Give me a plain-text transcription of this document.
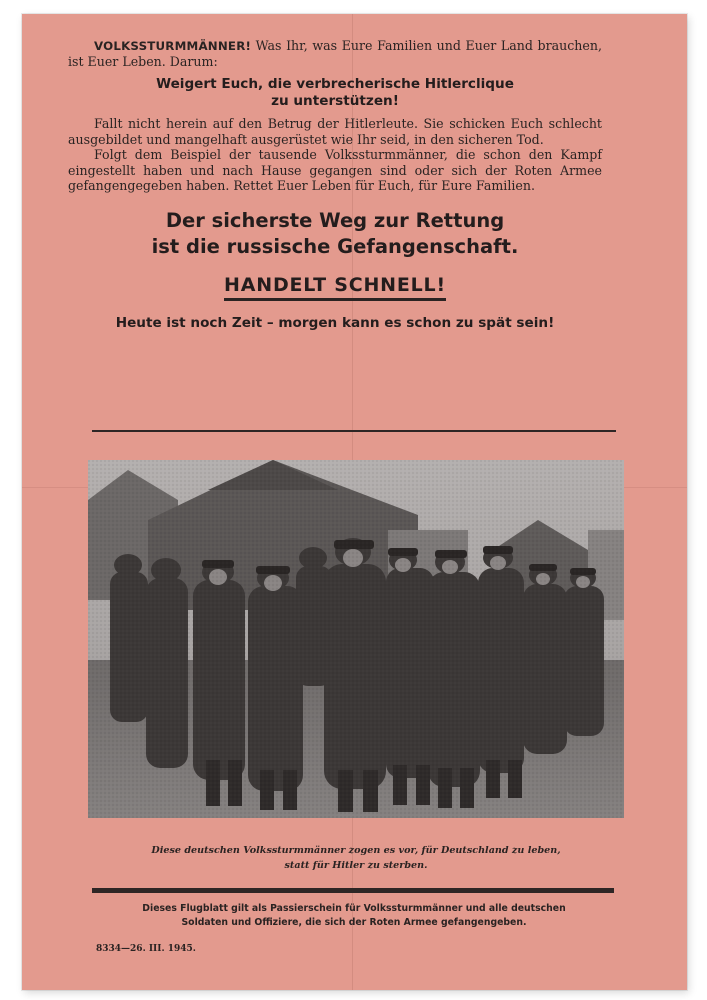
VOLKSSTURMMÄNNER! Was Ihr, was Eure Familien und Euer Land brauchen, ist Euer Leben. Darum:

Weigert Euch, die verbrecherische Hitlerclique
zu unterstützen!

Fallt nicht herein auf den Betrug der Hitlerleute. Sie schicken Euch schlecht ausgebildet und mangelhaft ausgerüstet wie Ihr seid, in den sicheren Tod.

Folgt dem Beispiel der tausende Volkssturmmänner, die schon den Kampf eingestellt haben und nach Hause gegangen sind oder sich der Roten Armee gefangengegeben haben. Rettet Euer Leben für Euch, für Eure Familien.

Der sicherste Weg zur Rettung
ist die russische Gefangenschaft.
HANDELT SCHNELL!
Heute ist noch Zeit – morgen kann es schon zu spät sein!
Diese deutschen Volkssturmmänner zogen es vor, für Deutschland zu leben,
statt für Hitler zu sterben.
Dieses Flugblatt gilt als Passierschein für Volkssturmmänner und alle deutschen
Soldaten und Offiziere, die sich der Roten Armee gefangengeben.
8334—26. III. 1945.
